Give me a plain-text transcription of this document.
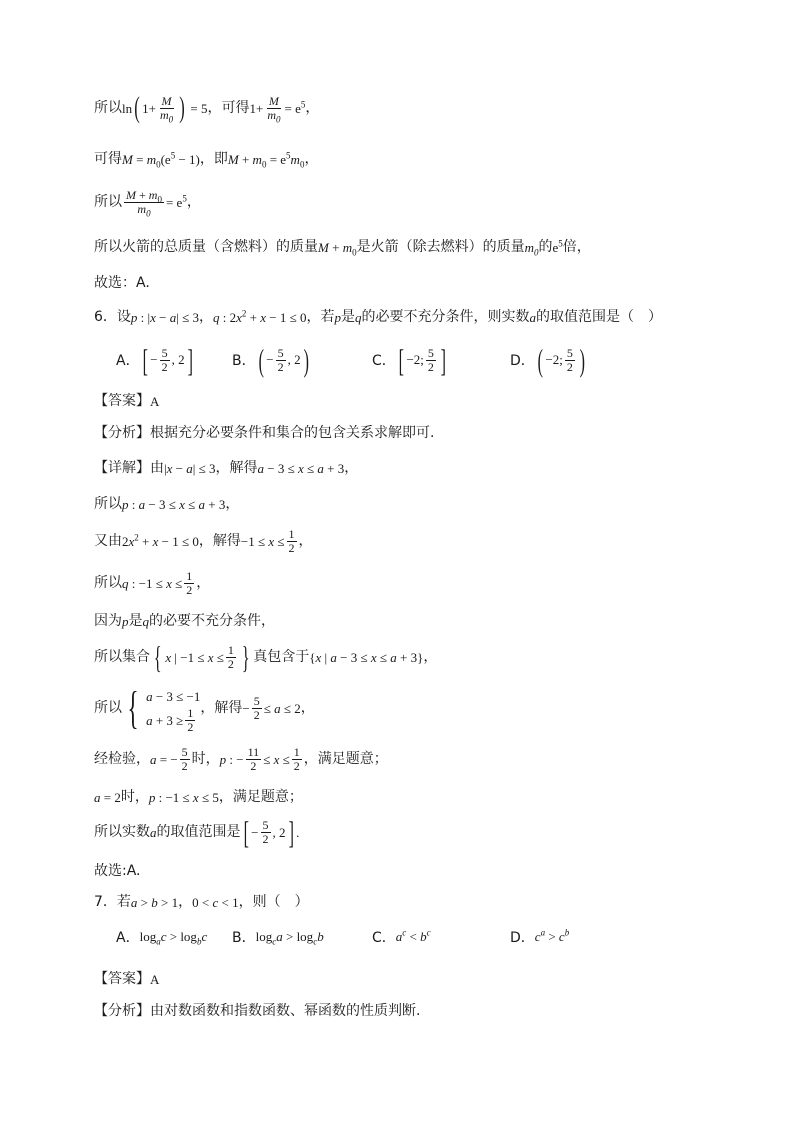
所以 ln ( $1+ \frac{M}{m_0}$ ) = 5 ，可得 $1+ \frac{M}{m_0} = e^5$ ，
可得 $M = m_0(e^5 - 1)$ ，即 $M + m_0 = e^5m_0$ ，
所以 $\frac{M + m_0}{m_0} = e^5$ ，
所以火箭的总质量（含燃料）的质量 $M + m_0$ 是火箭（除去燃料）的质量 $m_0$ 的 $e^5$ 倍，
故选：A.
6．设 p : |x − a| ≤ 3 ， q : $2x^2 + x - 1 \le 0$ ，若 p 是 q 的必要不充分条件，则实数 a 的取值范围是（　）
A． [ − $\frac{5}{2}$ , 2 ]	B． ( − $\frac{5}{2}$ , 2 )	C． [ −2; $\frac{5}{2}$ ]	D． ( −2; $\frac{5}{2}$ )
【答案】 A
【分析】 根据充分必要条件和集合的包含关系求解即可.
【详解】 由 |x − a| ≤ 3 ，解得 a − 3 ≤ x ≤ a + 3 ，
所以 p : a − 3 ≤ x ≤ a + 3 ，
又由 $2x^2 + x - 1 \le 0$ ，解得 $-1 \le x \le \frac{1}{2}$ ，
所以 q : $-1 \le x \le \frac{1}{2}$ ，
因为 p 是 q 的必要不充分条件，
所以集合 { x | $-1 \le x \le \frac{1}{2}$ } 真包含于 {x | a − 3 ≤ x ≤ a + 3} ，
所以 { a − 3 ≤ −1
$a + 3 \ge \frac{1}{2}$ ，解得 − $\frac{5}{2} \le a \le 2$ ，
经检验， a = − $\frac{5}{2}$ 时， p : − $\frac{11}{2} \le x \le \frac{1}{2}$ ，满足题意；
a = 2 时， p : −1 ≤ x ≤ 5 ，满足题意；
所以实数 a 的取值范围是 [ − $\frac{5}{2}$ , 2 ] .
故选:A.
7．若 a > b > 1 ， 0 < c < 1 ，则（　）
A． $\log_ac > \log_bc$ B． $\log_ca > \log_cb$	C． $a^c < b^c$	D． $c^a > c^b$
【答案】 A
【分析】 由对数函数和指数函数、幂函数的性质判断.
